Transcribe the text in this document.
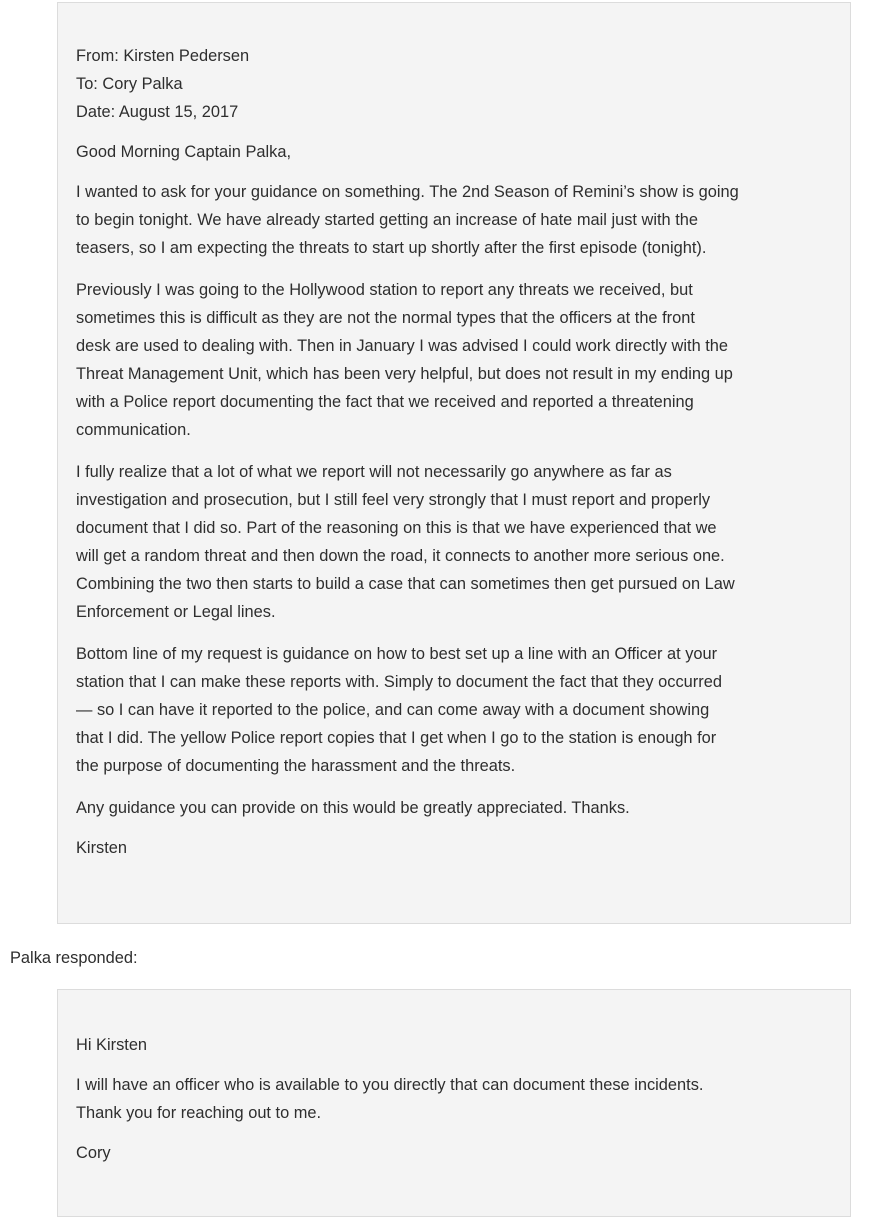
From: Kirsten Pedersen

To: Cory Palka

Date: August 15, 2017

Good Morning Captain Palka,

I wanted to ask for your guidance on something. The 2nd Season of Remini’s show is going

to begin tonight. We have already started getting an increase of hate mail just with the

teasers, so I am expecting the threats to start up shortly after the first episode (tonight).

Previously I was going to the Hollywood station to report any threats we received, but

sometimes this is difficult as they are not the normal types that the officers at the front

desk are used to dealing with. Then in January I was advised I could work directly with the

Threat Management Unit, which has been very helpful, but does not result in my ending up

with a Police report documenting the fact that we received and reported a threatening

communication.

I fully realize that a lot of what we report will not necessarily go anywhere as far as

investigation and prosecution, but I still feel very strongly that I must report and properly

document that I did so. Part of the reasoning on this is that we have experienced that we

will get a random threat and then down the road, it connects to another more serious one.

Combining the two then starts to build a case that can sometimes then get pursued on Law

Enforcement or Legal lines.

Bottom line of my request is guidance on how to best set up a line with an Officer at your

station that I can make these reports with. Simply to document the fact that they occurred

— so I can have it reported to the police, and can come away with a document showing

that I did. The yellow Police report copies that I get when I go to the station is enough for

the purpose of documenting the harassment and the threats.

Any guidance you can provide on this would be greatly appreciated. Thanks.

Kirsten

Palka responded:

Hi Kirsten

I will have an officer who is available to you directly that can document these incidents.

Thank you for reaching out to me.

Cory
